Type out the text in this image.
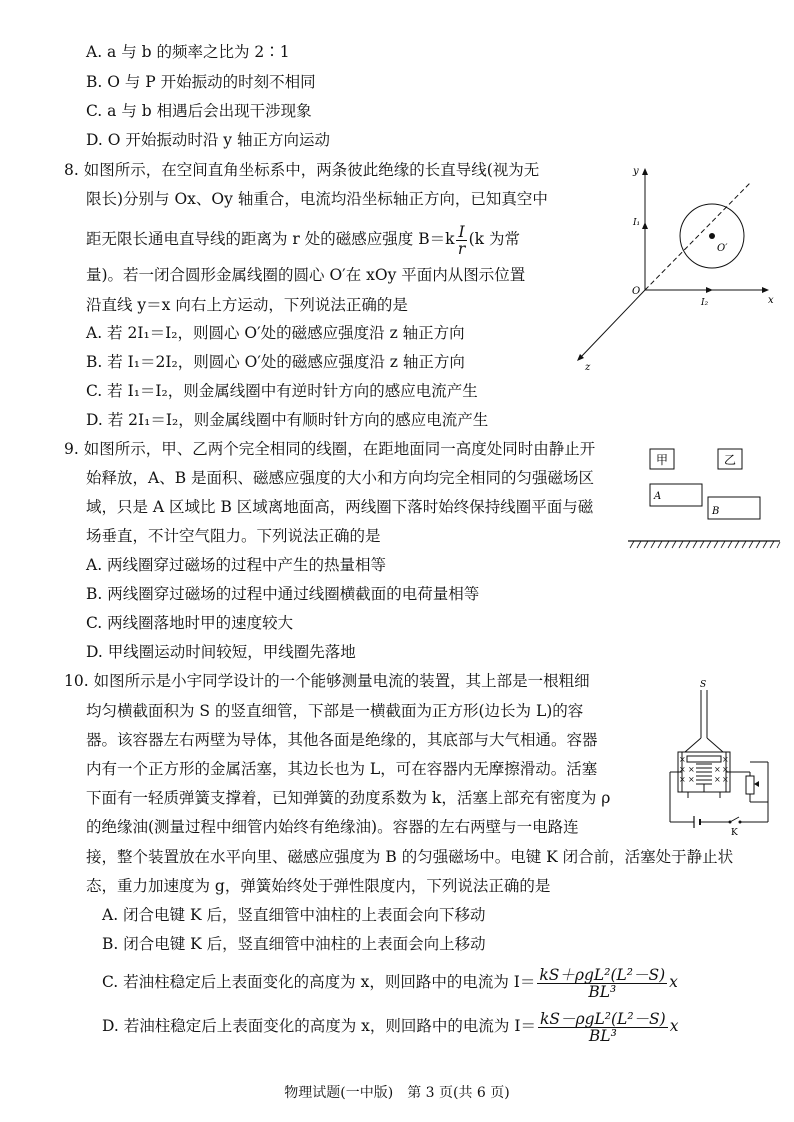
A. a 与 b 的频率之比为 2∶1
B. O 与 P 开始振动的时刻不相同
C. a 与 b 相遇后会出现干涉现象
D. O 开始振动时沿 y 轴正方向运动
8. 如图所示，在空间直角坐标系中，两条彼此绝缘的长直导线(视为无
限长)分别与 Ox、Oy 轴重合，电流均沿坐标轴正方向，已知真空中
距无限长通电直导线的距离为 r 处的磁感应强度 $B=k \frac{I}{r} (k$ 为常
量)。若一闭合圆形金属线圈的圆心 O′在 xOy 平面内从图示位置
沿直线 y＝x 向右上方运动，下列说法正确的是
A. 若 2I₁＝I₂，则圆心 O′处的磁感应强度沿 z 轴正方向
B. 若 I₁＝2I₂，则圆心 O′处的磁感应强度沿 z 轴正方向
C. 若 I₁＝I₂，则金属线圈中有逆时针方向的感应电流产生
D. 若 2I₁＝I₂，则金属线圈中有顺时针方向的感应电流产生
y
x
z
O
I₁
I₂
O′
9. 如图所示，甲、乙两个完全相同的线圈，在距地面同一高度处同时由静止开
始释放，A、B 是面积、磁感应强度的大小和方向均完全相同的匀强磁场区
域，只是 A 区域比 B 区域离地面高，两线圈下落时始终保持线圈平面与磁
场垂直，不计空气阻力。下列说法正确的是
A. 两线圈穿过磁场的过程中产生的热量相等
B. 两线圈穿过磁场的过程中通过线圈横截面的电荷量相等
C. 两线圈落地时甲的速度较大
D. 甲线圈运动时间较短，甲线圈先落地
甲	乙
A
B
10. 如图所示是小宇同学设计的一个能够测量电流的装置，其上部是一根粗细
均匀横截面积为 S 的竖直细管，下部是一横截面为正方形(边长为 L)的容
器。该容器左右两壁为导体，其他各面是绝缘的，其底部与大气相通。容器
内有一个正方形的金属活塞，其边长也为 L，可在容器内无摩擦滑动。活塞
下面有一轻质弹簧支撑着，已知弹簧的劲度系数为 k，活塞上部充有密度为 ρ
的绝缘油(测量过程中细管内始终有绝缘油)。容器的左右两壁与一电路连
接，整个装置放在水平向里、磁感应强度为 B 的匀强磁场中。电键 K 闭合前，活塞处于静止状
态，重力加速度为 g，弹簧始终处于弹性限度内，下列说法正确的是
A. 闭合电键 K 后，竖直细管中油柱的上表面会向下移动
B. 闭合电键 K 后，竖直细管中油柱的上表面会向上移动
C. 若油柱稳定后上表面变化的高度为 x，则回路中的电流为 $I= \frac{\text{kS＋ρgL²(L²－S)}}{\text{BL³}}$ x
D. 若油柱稳定后上表面变化的高度为 x，则回路中的电流为 $I= \frac{\text{kS－ρgL²(L²－S)}}{\text{BL³}}$ x
×	×
×	×
×	×
× ×
× ×
S
K
物理试题(一中版)　第 3 页(共 6 页)
